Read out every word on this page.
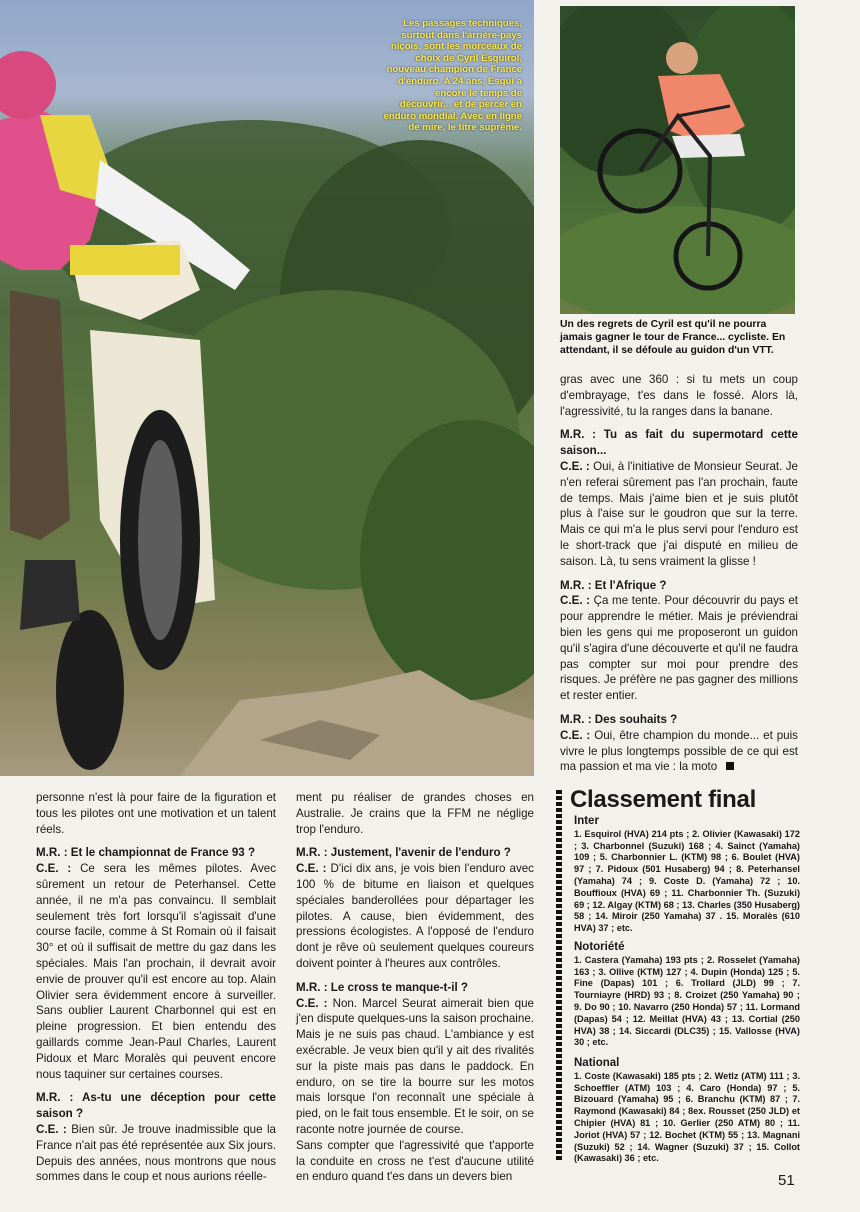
Les passages techniques, surtout dans l'arrière-pays niçois, sont les morceaux de choix de Cyril Esquirol, nouveau champion de France d'enduro. A 24 ans, Esqui a encore le temps de découvrir... et de percer en enduro mondial. Avec en ligne de mire, le titre suprême.
Un des regrets de Cyril est qu'il ne pourra jamais gagner le tour de France... cycliste. En attendant, il se défoule au guidon d'un VTT.

gras avec une 360 : si tu mets un coup d'embrayage, t'es dans le fossé. Alors là, l'agressivité, tu la ranges dans la banane.

M.R. : Tu as fait du supermotard cette saison...
C.E. : Oui, à l'initiative de Monsieur Seurat. Je n'en referai sûrement pas l'an prochain, faute de temps. Mais j'aime bien et je suis plutôt plus à l'aise sur le goudron que sur la terre. Mais ce qui m'a le plus servi pour l'enduro est le short-track que j'ai disputé en milieu de saison. Là, tu sens vraiment la glisse !

M.R. : Et l'Afrique ?
C.E. : Ça me tente. Pour découvrir du pays et pour apprendre le métier. Mais je préviendrai bien les gens qui me proposeront un guidon qu'il s'agira d'une découverte et qu'il ne faudra pas compter sur moi pour prendre des risques. Je préfère ne pas gagner des millions et rester entier.

M.R. : Des souhaits ?
C.E. : Oui, être champion du monde... et puis vivre le plus longtemps possible de ce qui est ma passion et ma vie : la moto

personne n'est là pour faire de la figuration et tous les pilotes ont une motivation et un talent réels.

M.R. : Et le championnat de France 93 ?
C.E. : Ce sera les mêmes pilotes. Avec sûrement un retour de Peterhansel. Cette année, il ne m'a pas convaincu. Il semblait seulement très fort lorsqu'il s'agissait d'une course facile, comme à St Romain où il faisait 30° et où il suffisait de mettre du gaz dans les spéciales. Mais l'an prochain, il devrait avoir envie de prouver qu'il est encore au top. Alain Olivier sera évidemment encore à surveiller. Sans oublier Laurent Charbonnel qui est en pleine progression. Et bien entendu des gaillards comme Jean-Paul Charles, Laurent Pidoux et Marc Moralès qui peuvent encore nous taquiner sur certaines courses.

M.R. : As-tu une déception pour cette saison ?
C.E. : Bien sûr. Je trouve inadmissible que la France n'ait pas été représentée aux Six jours. Depuis des années, nous montrons que nous sommes dans le coup et nous aurions réelle-

ment pu réaliser de grandes choses en Australie. Je crains que la FFM ne néglige trop l'enduro.

M.R. : Justement, l'avenir de l'enduro ?
C.E. : D'ici dix ans, je vois bien l'enduro avec 100 % de bitume en liaison et quelques spéciales banderollées pour départager les pilotes. A cause, bien évidemment, des pressions écologistes. A l'opposé de l'enduro dont je rêve où seulement quelques coureurs doivent pointer à l'heures aux contrôles.

M.R. : Le cross te manque-t-il ?
C.E. : Non. Marcel Seurat aimerait bien que j'en dispute quelques-uns la saison prochaine. Mais je ne suis pas chaud. L'ambiance y est exécrable. Je veux bien qu'il y ait des rivalités sur la piste mais pas dans le paddock. En enduro, on se tire la bourre sur les motos mais lorsque l'on reconnaît une spéciale à pied, on le fait tous ensemble. Et le soir, on se raconte notre journée de course.

Sans compter que l'agressivité que t'apporte la conduite en cross ne t'est d'aucune utilité en enduro quand t'es dans un devers bien

Classement final
Inter
1. Esquirol (HVA) 214 pts ; 2. Olivier (Kawasaki) 172 ; 3. Charbonnel (Suzuki) 168 ; 4. Sainct (Yamaha) 109 ; 5. Charbonnier L. (KTM) 98 ; 6. Boulet (HVA) 97 ; 7. Pidoux (501 Husaberg) 94 ; 8. Peterhansel (Yamaha) 74 ; 9. Coste D. (Yamaha) 72 ; 10. Bouffioux (HVA) 69 ; 11. Charbonnier Th. (Suzuki) 69 ; 12. Algay (KTM) 68 ; 13. Charles (350 Husaberg) 58 ; 14. Miroir (250 Yamaha) 37 . 15. Moralès (610 HVA) 37 ; etc.
Notoriété
1. Castera (Yamaha) 193 pts ; 2. Rosselet (Yamaha) 163 ; 3. Ollive (KTM) 127 ; 4. Dupin (Honda) 125 ; 5. Fine (Dapas) 101 ; 6. Trollard (JLD) 99 ; 7. Tourniayre (HRD) 93 ; 8. Croizet (250 Yamaha) 90 ; 9. Do 90 ; 10. Navarro (250 Honda) 57 ; 11. Lormand (Dapas) 54 ; 12. Meillat (HVA) 43 ; 13. Cortial (250 HVA) 38 ; 14. Siccardi (DLC35) ; 15. Vallosse (HVA) 30 ; etc.
National
1. Coste (Kawasaki) 185 pts ; 2. Wetlz (ATM) 111 ; 3. Schoeffler (ATM) 103 ; 4. Caro (Honda) 97 ; 5. Bizouard (Yamaha) 95 ; 6. Branchu (KTM) 87 ; 7. Raymond (Kawasaki) 84 ; 8ex. Rousset (250 JLD) et Chipier (HVA) 81 ; 10. Gerlier (250 ATM) 80 ; 11. Joriot (HVA) 57 ; 12. Bochet (KTM) 55 ; 13. Magnani (Suzuki) 52 ; 14. Wagner (Suzuki) 37 ; 15. Collot (Kawasaki) 36 ; etc.
51
